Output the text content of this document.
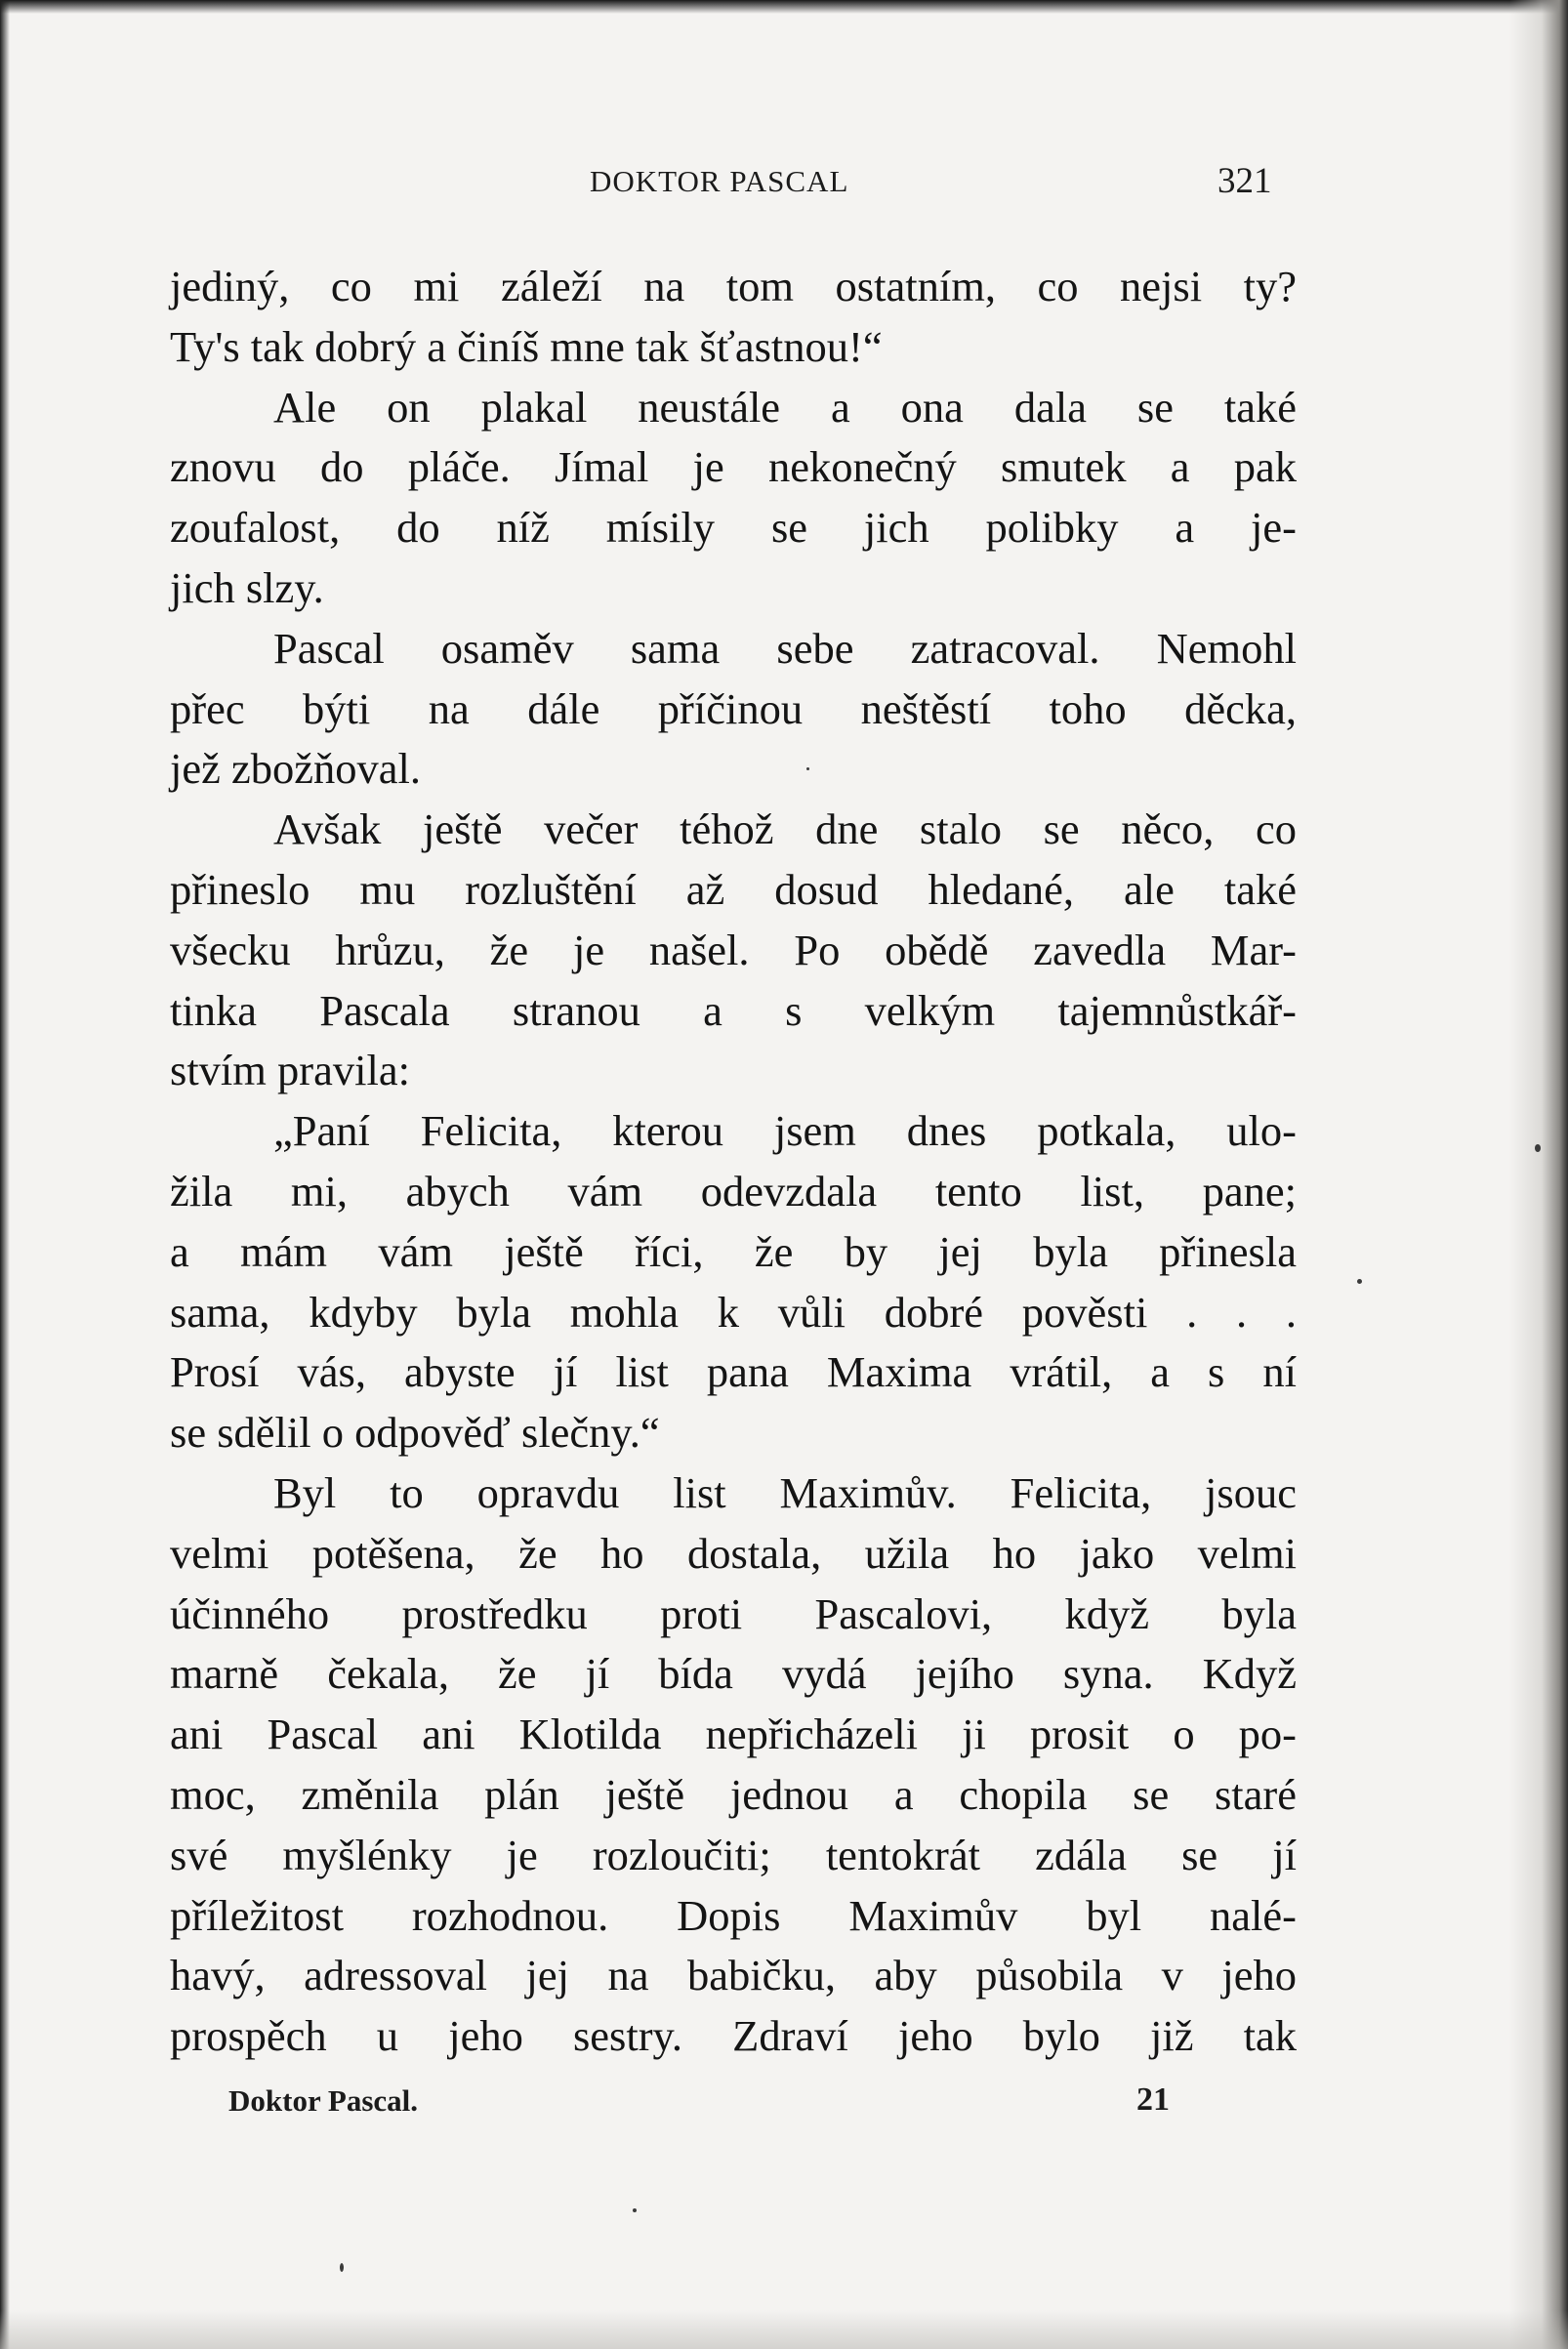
DOKTOR PASCAL	321
jediný, co mi záleží na tom ostatním, co nejsi ty?
Ty's tak dobrý a činíš mne tak šťastnou!“
Ale on plakal neustále a ona dala se také
znovu do pláče. Jímal je nekonečný smutek a pak
zoufalost, do níž mísily se jich polibky a je-
jich slzy.
Pascal osaměv sama sebe zatracoval. Nemohl
přec býti na dále příčinou neštěstí toho děcka,
jež zbožňoval.
Avšak ještě večer téhož dne stalo se něco, co
přineslo mu rozluštění až dosud hledané, ale také
všecku hrůzu, že je našel. Po obědě zavedla Mar-
tinka Pascala stranou a s velkým tajemnůstkář-
stvím pravila:
„Paní Felicita, kterou jsem dnes potkala, ulo-
žila mi, abych vám odevzdala tento list, pane;
a mám vám ještě říci, že by jej byla přinesla
sama, kdyby byla mohla k vůli dobré pověsti . . .
Prosí vás, abyste jí list pana Maxima vrátil, a s ní
se sdělil o odpověď slečny.“
Byl to opravdu list Maximův. Felicita, jsouc
velmi potěšena, že ho dostala, užila ho jako velmi
účinného prostředku proti Pascalovi, když byla
marně čekala, že jí bída vydá jejího syna. Když
ani Pascal ani Klotilda nepřicházeli ji prosit o po-
moc, změnila plán ještě jednou a chopila se staré
své myšlénky je rozloučiti; tentokrát zdála se jí
příležitost rozhodnou. Dopis Maximův byl nalé-
havý, adressoval jej na babičku, aby působila v jeho
prospěch u jeho sestry. Zdraví jeho bylo již tak
Doktor Pascal.	21
